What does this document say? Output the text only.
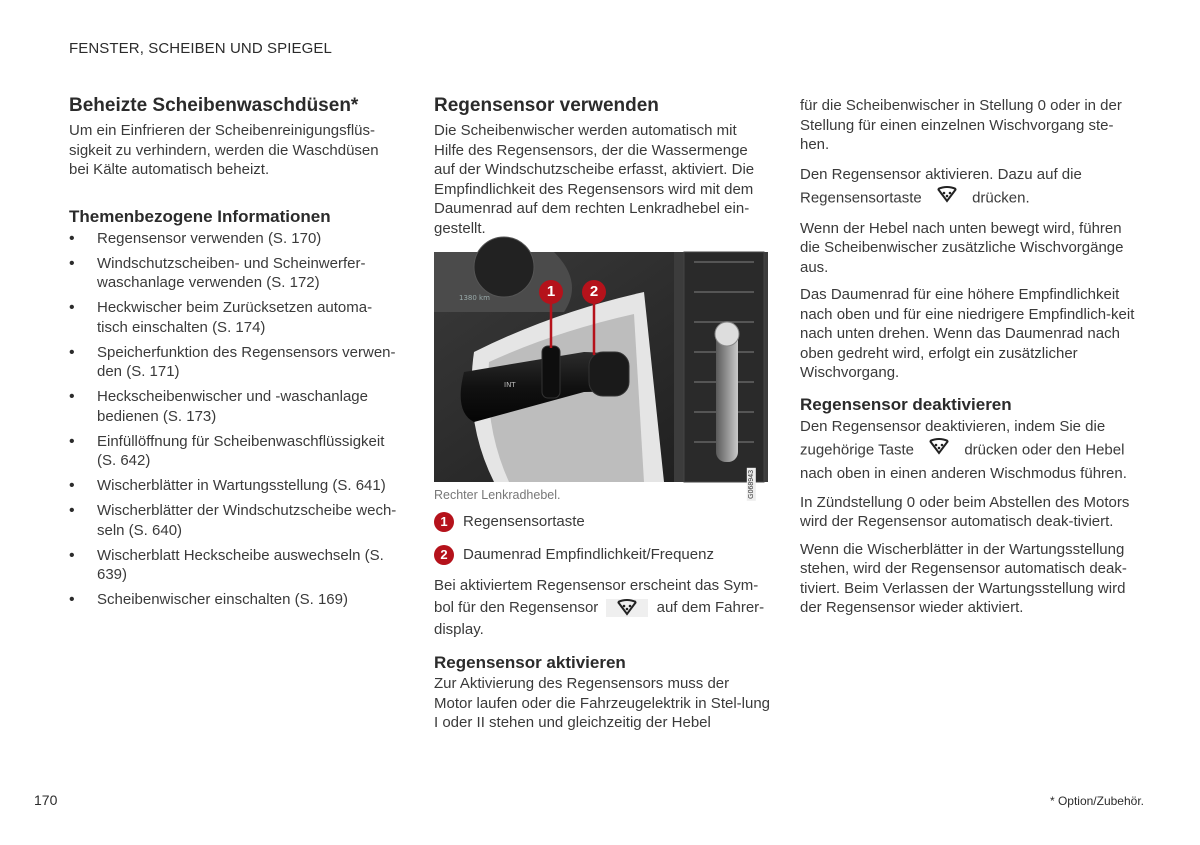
FENSTER, SCHEIBEN UND SPIEGEL
Beheizte Scheibenwaschdüsen*

Um ein Einfrieren der Scheibenreinigungsflüs-sigkeit zu verhindern, werden die Waschdüsen bei Kälte automatisch beheizt.

Themenbezogene Informationen
• Regensensor verwenden (S. 170)
• Windschutzscheiben- und Scheinwerfer-waschanlage verwenden (S. 172)
• Heckwischer beim Zurücksetzen automa-tisch einschalten (S. 174)
• Speicherfunktion des Regensensors verwen-den (S. 171)
• Heckscheibenwischer und -waschanlage bedienen (S. 173)
• Einfüllöffnung für Scheibenwaschflüssigkeit (S. 642)
• Wischerblätter in Wartungsstellung (S. 641)
• Wischerblätter der Windschutzscheibe wech-seln (S. 640)
• Wischerblatt Heckscheibe auswechseln (S. 639)
• Scheibenwischer einschalten (S. 169)
Regensensor verwenden

Die Scheibenwischer werden automatisch mit Hilfe des Regensensors, der die Wassermenge auf der Windschutzscheibe erfasst, aktiviert. Die Empfindlichkeit des Regensensors wird mit dem Daumenrad auf dem rechten Lenkradhebel ein-gestellt.

1380 km
INT
1	2
G068943
Rechter Lenkradhebel.
1	Regensensortaste
2	Daumenrad Empfindlichkeit/Frequenz

Bei aktiviertem Regensensor erscheint das Sym-bol für den Regensensor	auf dem Fahrer-display.

Regensensor aktivieren

Zur Aktivierung des Regensensors muss der Motor laufen oder die Fahrzeugelektrik in Stel-lung I oder II stehen und gleichzeitig der Hebel

für die Scheibenwischer in Stellung 0 oder in der Stellung für einen einzelnen Wischvorgang ste-hen.

Den Regensensor aktivieren. Dazu auf die
Regensensortaste	drücken.

Wenn der Hebel nach unten bewegt wird, führen die Scheibenwischer zusätzliche Wischvorgänge aus.

Das Daumenrad für eine höhere Empfindlichkeit nach oben und für eine niedrigere Empfindlich-keit nach unten drehen. Wenn das Daumenrad nach oben gedreht wird, erfolgt ein zusätzlicher Wischvorgang.

Regensensor deaktivieren

Den Regensensor deaktivieren, indem Sie die
zugehörige Taste	drücken oder den Hebel nach oben in einen anderen Wischmodus führen.

In Zündstellung 0 oder beim Abstellen des Motors wird der Regensensor automatisch deak-tiviert.

Wenn die Wischerblätter in der Wartungsstellung stehen, wird der Regensensor automatisch deak-tiviert. Beim Verlassen der Wartungsstellung wird der Regensensor wieder aktiviert.

170	* Option/Zubehör.
